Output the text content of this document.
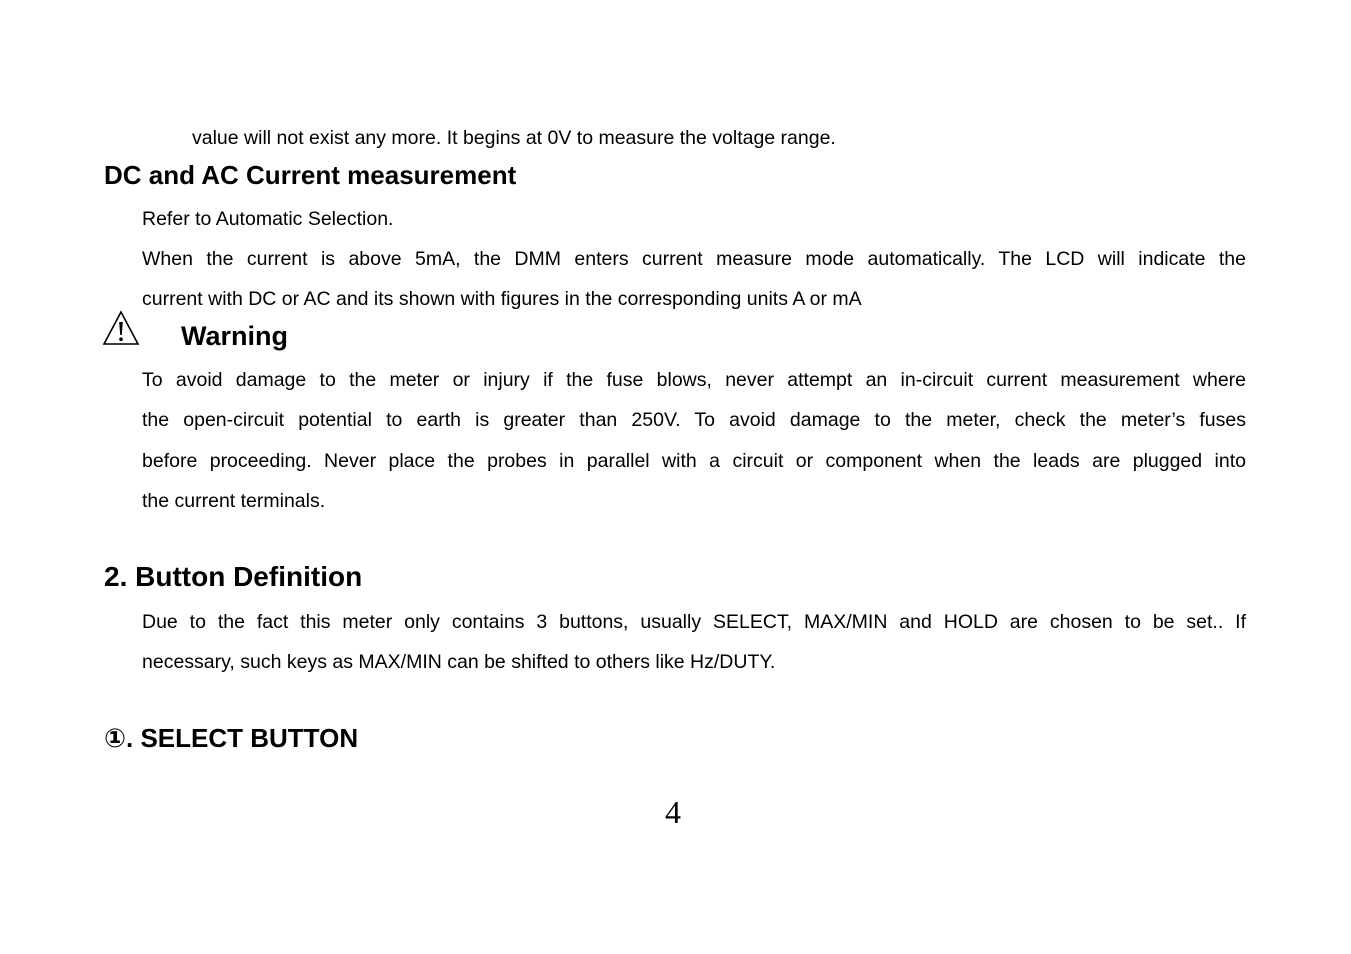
value will not exist any more. It begins at 0V to measure the voltage range.
DC and AC Current measurement
Refer to Automatic Selection.
When the current is above 5mA, the DMM enters current measure mode automatically. The LCD will indicate the
current with DC or AC and its shown with figures in the corresponding units A or mA
Warning
To avoid damage to the meter or injury if the fuse blows, never attempt an in-circuit current measurement where
the open-circuit potential to earth is greater than 250V. To avoid damage to the meter, check the meter’s fuses
before proceeding. Never place the probes in parallel with a circuit or component when the leads are plugged into
the current terminals.
2. Button Definition
Due to the fact this meter only contains 3 buttons, usually SELECT, MAX/MIN and HOLD are chosen to be set.. If
necessary, such keys as MAX/MIN can be shifted to others like Hz/DUTY.
①. SELECT BUTTON
4
